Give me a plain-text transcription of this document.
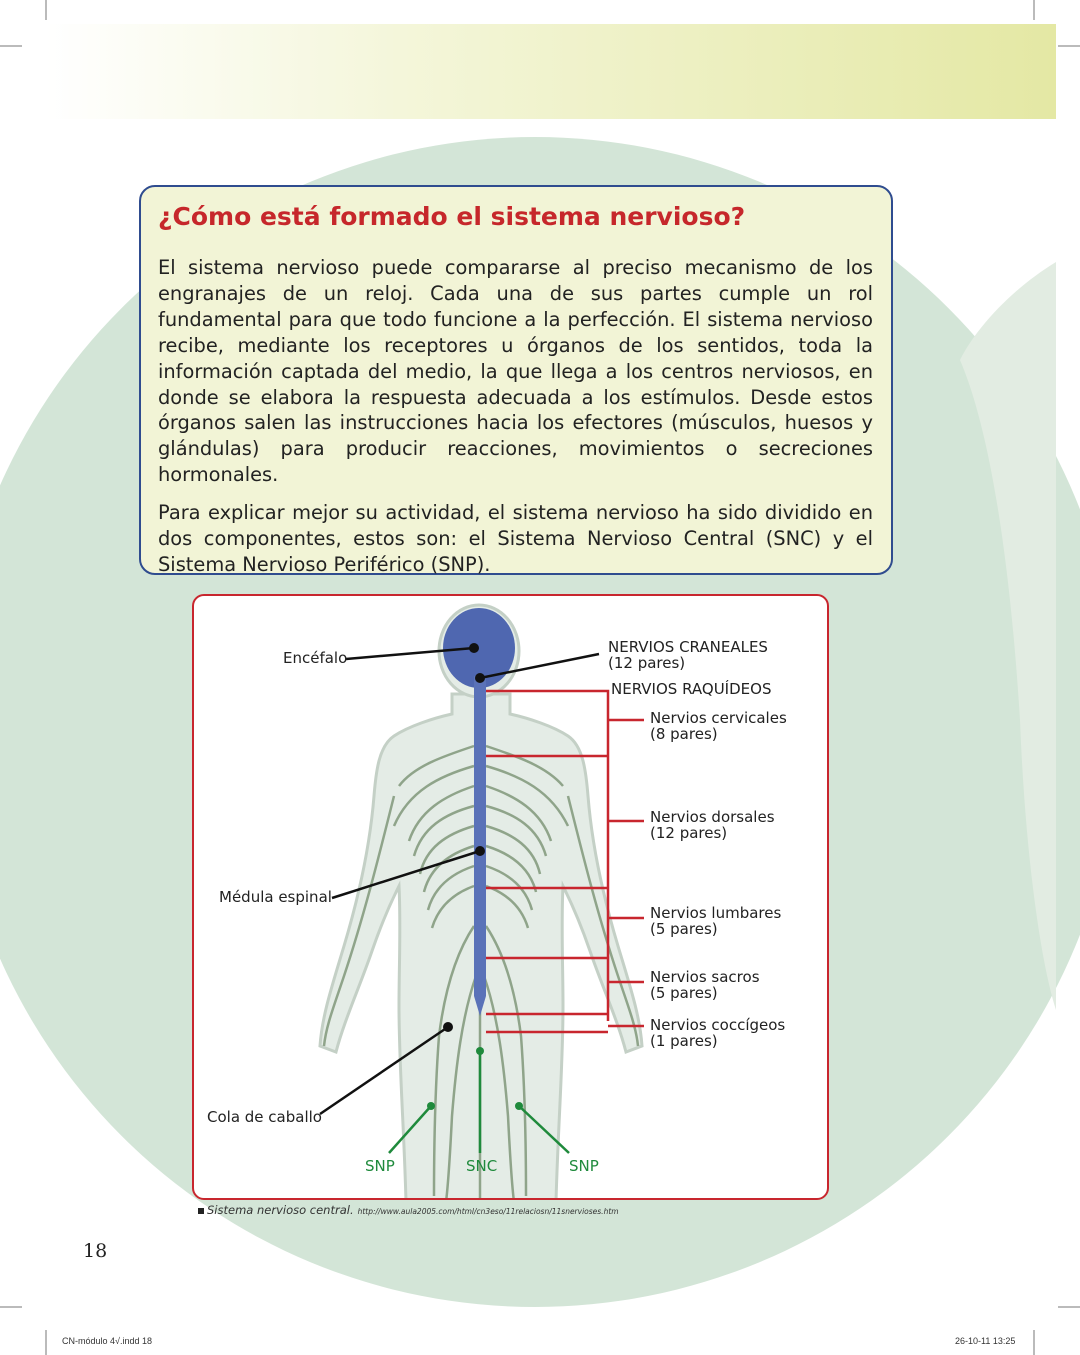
¿Cómo está formado el sistema nervioso?

El sistema nervioso puede compararse al preciso mecanismo de los engranajes de un reloj. Cada una de sus partes cumple un rol fundamental para que todo funcione a la perfección. El sistema nervioso recibe, mediante los receptores u órganos de los sentidos, toda la información captada del medio, la que llega a los centros nerviosos, en donde se elabora la respuesta adecuada a los estímulos. Desde estos órganos salen las instrucciones hacia los efectores (músculos, huesos y glándulas) para producir reacciones, movimientos o secreciones hormonales.

Para explicar mejor su actividad, el sistema nervioso ha sido dividido en dos componentes, estos son: el Sistema Nervioso Central (SNC) y el Sistema Nervioso Periférico (SNP).

Encéfalo
NERVIOS CRANEALES
(12 pares)
NERVIOS RAQUÍDEOS
Nervios cervicales
(8 pares)
Nervios dorsales
(12 pares)
Médula espinal
Nervios lumbares
(5 pares)
Nervios sacros
(5 pares)
Nervios coccígeos
(1 pares)
Cola de caballo
SNP	SNC	SNP
Sistema nervioso central. http://www.aula2005.com/html/cn3eso/11relaciosn/11snervioses.htm
18
CN-módulo 4√.indd 18	26-10-11 13:25
